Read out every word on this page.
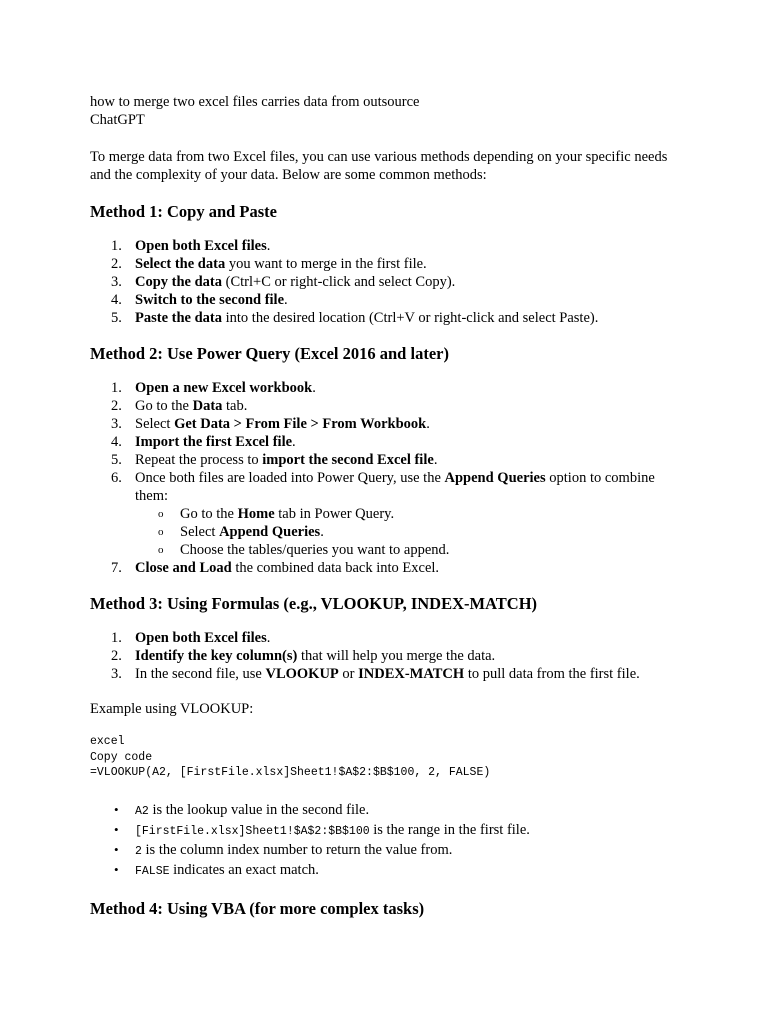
how to merge two excel files carries data from outsource

ChatGPT

To merge data from two Excel files, you can use various methods depending on your specific needs and the complexity of your data. Below are some common methods:

Method 1: Copy and Paste
1. Open both Excel files.
2. Select the data you want to merge in the first file.
3. Copy the data (Ctrl+C or right-click and select Copy).
4. Switch to the second file.
5. Paste the data into the desired location (Ctrl+V or right-click and select Paste).
Method 2: Use Power Query (Excel 2016 and later)
1. Open a new Excel workbook.
2. Go to the Data tab.
3. Select Get Data > From File > From Workbook.
4. Import the first Excel file.
5. Repeat the process to import the second Excel file.
6. Once both files are loaded into Power Query, use the Append Queries option to combine them:
o Go to the Home tab in Power Query.
o Select Append Queries.
o Choose the tables/queries you want to append.
7. Close and Load the combined data back into Excel.
Method 3: Using Formulas (e.g., VLOOKUP, INDEX-MATCH)
1. Open both Excel files.
2. Identify the key column(s) that will help you merge the data.
3. In the second file, use VLOOKUP or INDEX-MATCH to pull data from the first file.

Example using VLOOKUP:

excel
Copy code
=VLOOKUP(A2, [FirstFile.xlsx]Sheet1!$A$2:$B$100, 2, FALSE)
• A2 is the lookup value in the second file.
• [FirstFile.xlsx]Sheet1!$A$2:$B$100 is the range in the first file.
• 2 is the column index number to return the value from.
• FALSE indicates an exact match.
Method 4: Using VBA (for more complex tasks)
